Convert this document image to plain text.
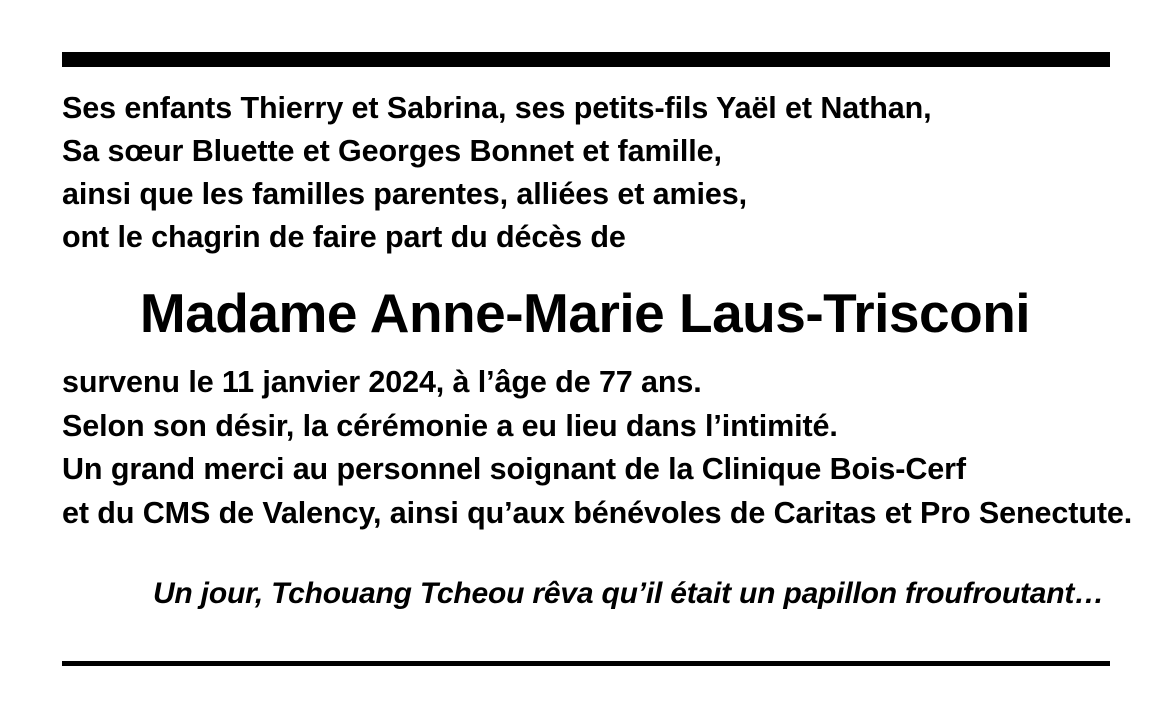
Ses enfants Thierry et Sabrina, ses petits-fils Yaël et Nathan,
Sa sœur Bluette et Georges Bonnet et famille,
ainsi que les familles parentes, alliées et amies,
ont le chagrin de faire part du décès de
Madame Anne-Marie Laus-Trisconi
survenu le 11 janvier 2024, à l’âge de 77 ans.
Selon son désir, la cérémonie a eu lieu dans l’intimité.
Un grand merci au personnel soignant de la Clinique Bois-Cerf
et du CMS de Valency, ainsi qu’aux bénévoles de Caritas et Pro Senectute.
Un jour, Tchouang Tcheou rêva qu’il était un papillon froufroutant…
